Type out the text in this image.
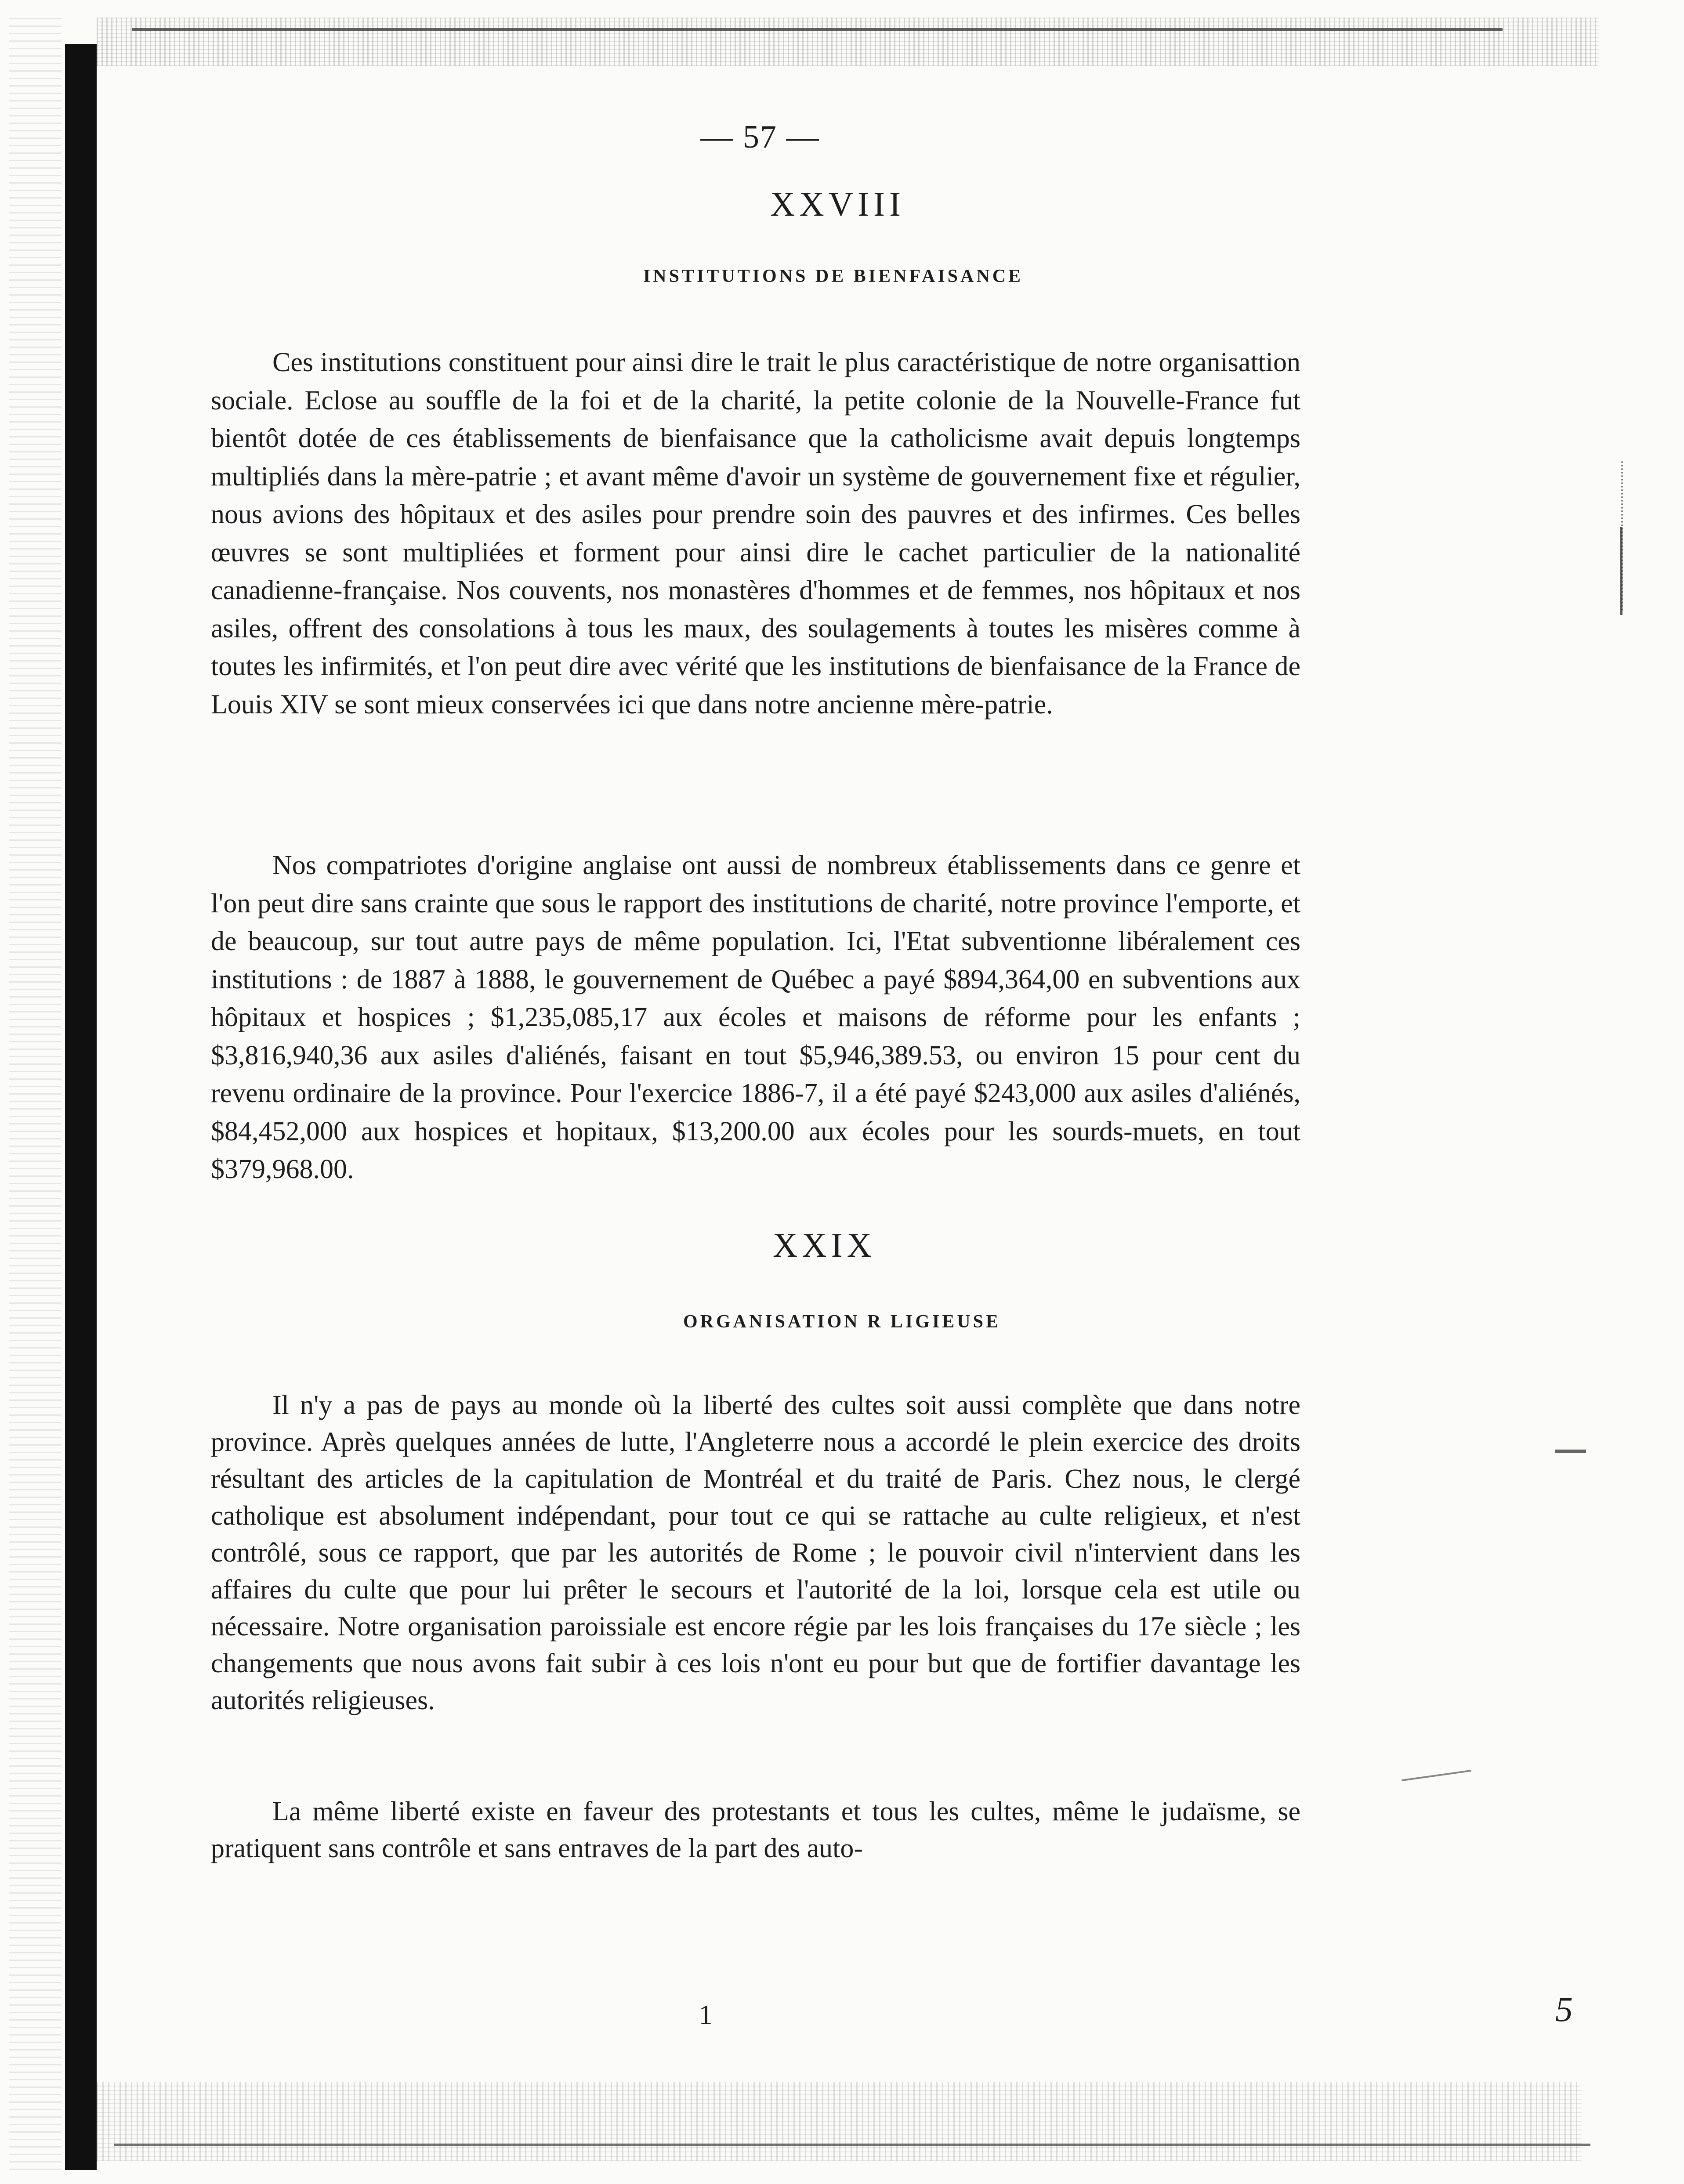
— 57 —
XXVIII
INSTITUTIONS DE BIENFAISANCE

Ces institutions constituent pour ainsi dire le trait le plus caractéristique de notre organisattion sociale. Eclose au souffle de la foi et de la charité, la petite colonie de la Nouvelle-France fut bientôt dotée de ces établissements de bienfaisance que la catholicisme avait depuis longtemps multipliés dans la mère-patrie ; et avant même d'avoir un système de gouvernement fixe et régulier, nous avions des hôpitaux et des asiles pour prendre soin des pauvres et des infirmes. Ces belles œuvres se sont multipliées et forment pour ainsi dire le cachet particulier de la nationalité canadienne-française. Nos couvents, nos monastères d'hommes et de femmes, nos hôpitaux et nos asiles, offrent des consolations à tous les maux, des soulagements à toutes les misères comme à toutes les infirmités, et l'on peut dire avec vérité que les institutions de bienfaisance de la France de Louis XIV se sont mieux conservées ici que dans notre ancienne mère-patrie.

Nos compatriotes d'origine anglaise ont aussi de nombreux établissements dans ce genre et l'on peut dire sans crainte que sous le rapport des institutions de charité, notre province l'emporte, et de beaucoup, sur tout autre pays de même population. Ici, l'Etat subventionne libéralement ces institutions : de 1887 à 1888, le gouvernement de Québec a payé $894,364,00 en subventions aux hôpitaux et hospices ; $1,235,085,17 aux écoles et maisons de réforme pour les enfants ; $3,816,940,36 aux asiles d'aliénés, faisant en tout $5,946,389.53, ou environ 15 pour cent du revenu ordinaire de la province. Pour l'exercice 1886-7, il a été payé $243,000 aux asiles d'aliénés, $84,452,000 aux hospices et hopitaux, $13,200.00 aux écoles pour les sourds-muets, en tout $379,968.00.

XXIX
ORGANISATION R LIGIEUSE

Il n'y a pas de pays au monde où la liberté des cultes soit aussi complète que dans notre province. Après quelques années de lutte, l'Angleterre nous a accordé le plein exercice des droits résultant des articles de la capitulation de Montréal et du traité de Paris. Chez nous, le clergé catholique est absolument indépendant, pour tout ce qui se rattache au culte religieux, et n'est contrôlé, sous ce rapport, que par les autorités de Rome ; le pouvoir civil n'intervient dans les affaires du culte que pour lui prêter le secours et l'autorité de la loi, lorsque cela est utile ou nécessaire. Notre organisation paroissiale est encore régie par les lois françaises du 17e siècle ; les changements que nous avons fait subir à ces lois n'ont eu pour but que de fortifier davantage les autorités religieuses.

La même liberté existe en faveur des protestants et tous les cultes, même le judaïsme, se pratiquent sans contrôle et sans entraves de la part des auto-

1	5
